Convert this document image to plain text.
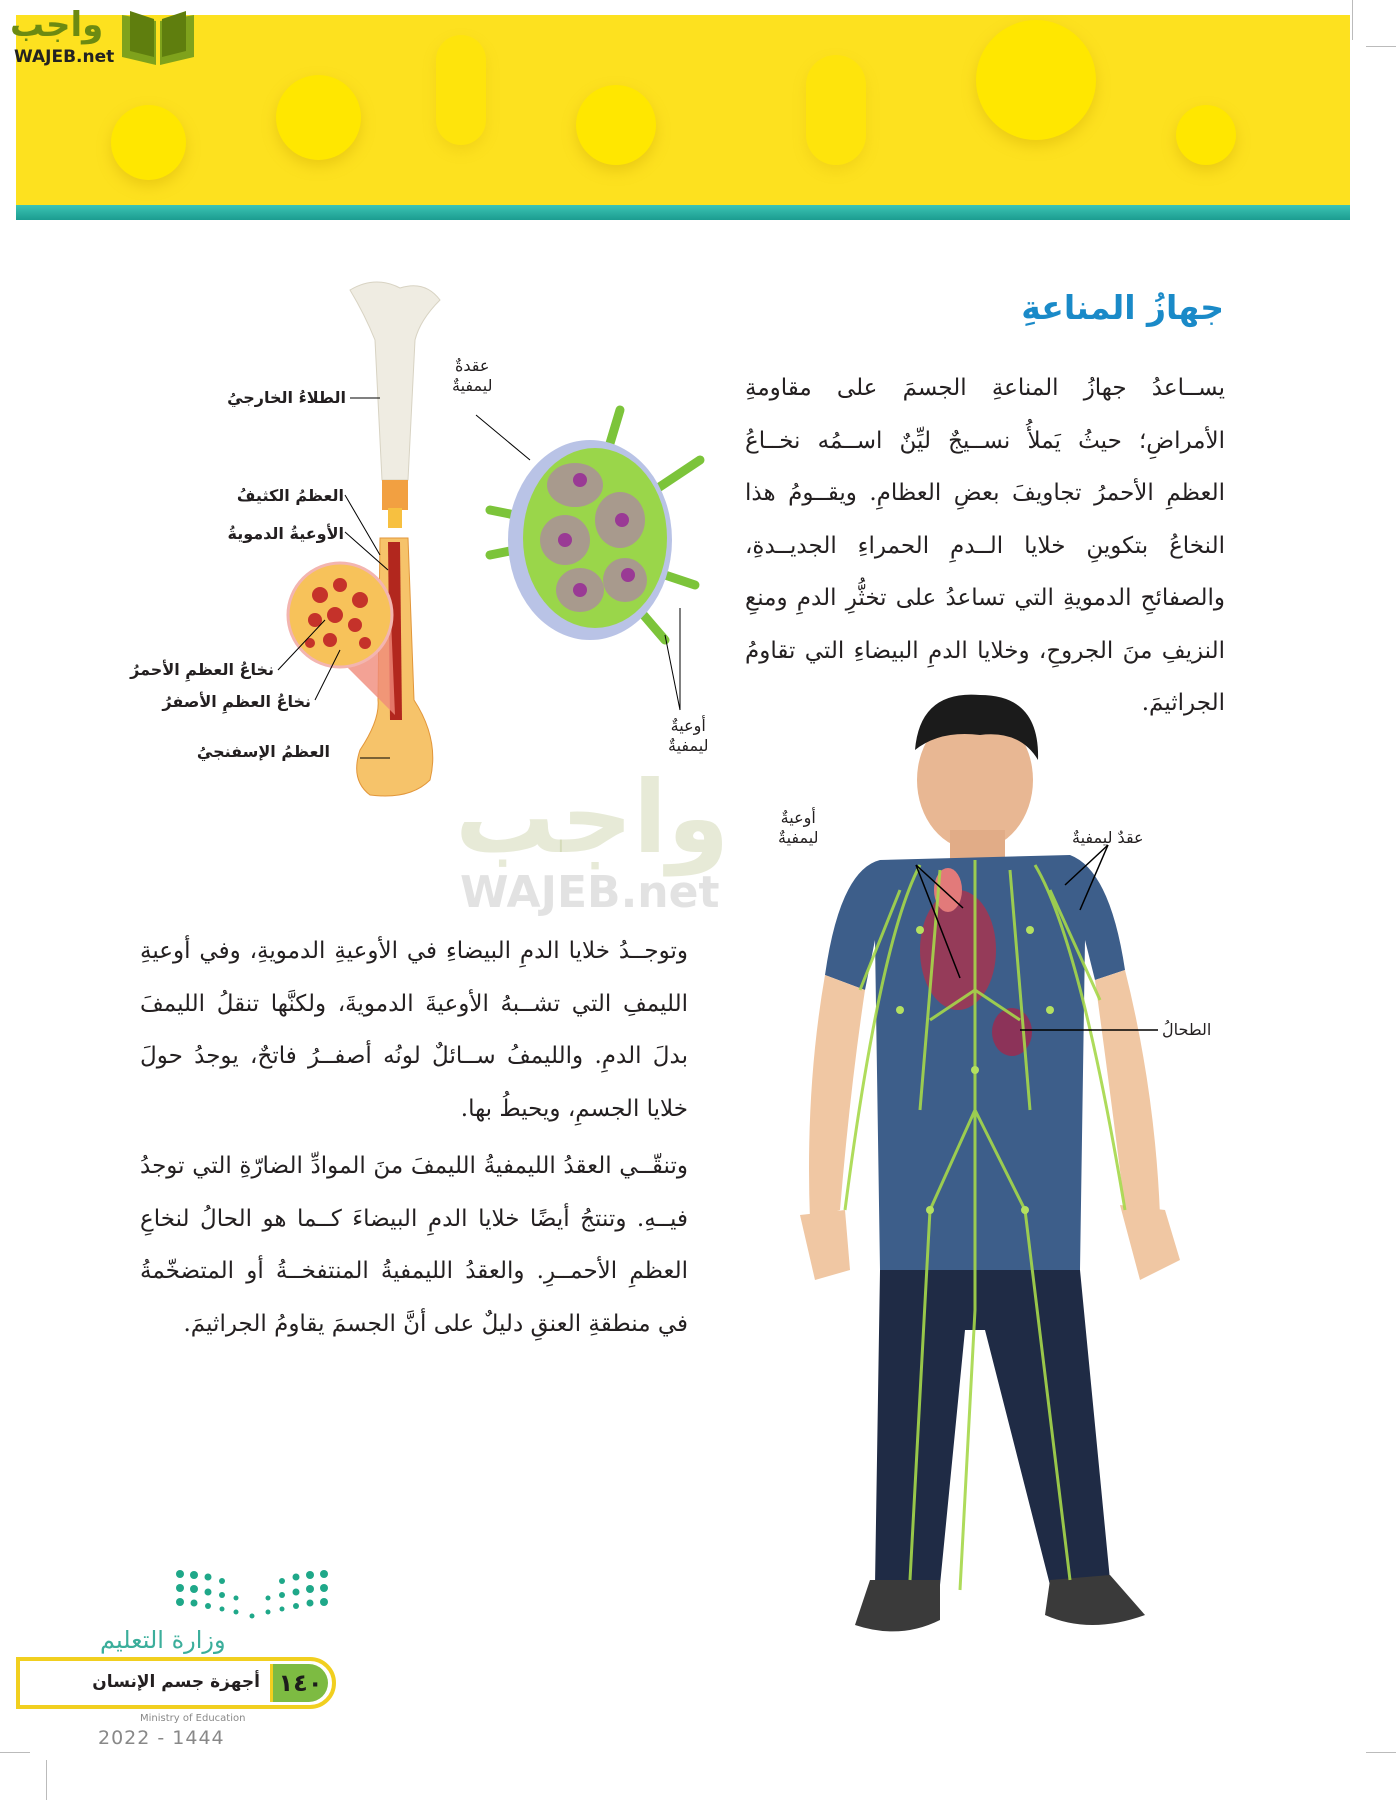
واجب
WAJEB.net
جهازُ المناعةِ

يســاعدُ جهازُ المناعةِ الجسمَ على مقاومةِ الأمراضِ؛ حيثُ يَملأُ نســيجٌ ليِّنٌ اســمُه نخــاعُ العظمِ الأحمرُ تجاويفَ بعضِ العظامِ. ويقــومُ هذا النخاعُ بتكوينِ خلايا الــدمِ الحمراءِ الجديــدةِ، والصفائحِ الدمويةِ التي تساعدُ على تخثُّرِ الدمِ ومنعِ النزيفِ منَ الجروحِ، وخلايا الدمِ البيضاءِ التي تقاومُ الجراثيمَ.

الطلاءُ الخارجيُ
العظمُ الكثيفُ
الأوعيةُ الدمويةُ
نخاعُ العظمِ الأحمرُ
نخاعُ العظمِ الأصفرُ
العظمُ الإسفنجيُ
عقدةٌ
ليمفيةٌ
أوعيةٌ
ليمفيةٌ
واجب
WAJEB.net

وتوجــدُ خلايا الدمِ البيضاءِ في الأوعيةِ الدمويةِ، وفي أوعيةِ الليمفِ التي تشــبهُ الأوعيةَ الدمويةَ، ولكنَّها تنقلُ الليمفَ بدلَ الدمِ. والليمفُ ســائلٌ لونُه أصفــرُ فاتحٌ، يوجدُ حولَ خلايا الجسمِ، ويحيطُ بها.

وتنقّــي العقدُ الليمفيةُ الليمفَ منَ الموادِّ الضارّةِ التي توجدُ فيــهِ. وتنتجُ أيضًا خلايا الدمِ البيضاءَ كــما هو الحالُ لنخاعِ العظمِ الأحمــرِ. والعقدُ الليمفيةُ المنتفخــةُ أو المتضخّمةُ في منطقةِ العنقِ دليلٌ على أنَّ الجسمَ يقاومُ الجراثيمَ.

أوعيةٌ
ليمفيةٌ	عقدٌ ليمفيةٌ
الطحالُ
وزارة التعليم
أجهزة جسم الإنسان ١٤٠
Ministry of Education
2022 - 1444
